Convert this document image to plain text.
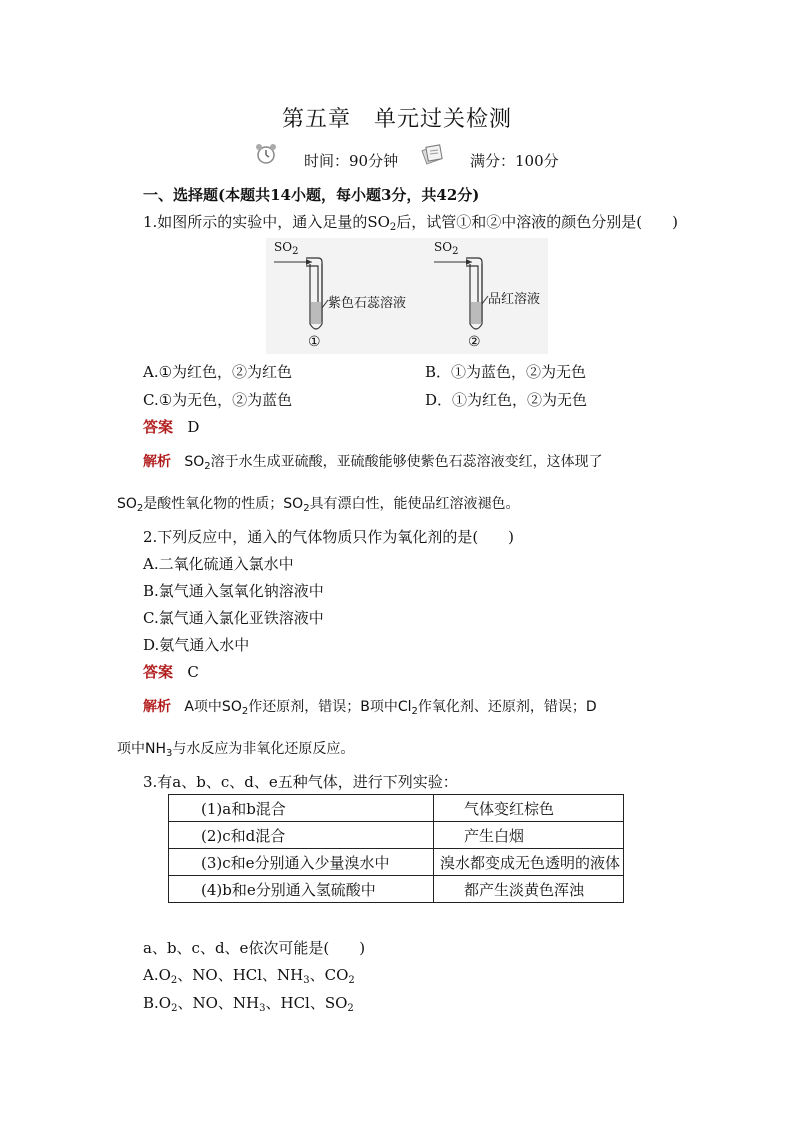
第五章　单元过关检测
时间：90分钟	满分：100分
一、选择题(本题共14小题，每小题3分，共42分)
1.如图所示的实验中，通入足量的$SO_2$后，试管①和②中溶液的颜色分别是(　　)
$SO_2$	$SO_2$
紫色石蕊溶液
①
品红溶液
②
A.①为红色，②为红色	B．①为蓝色，②为无色
C.①为无色，②为蓝色	D．①为红色，②为无色
答案 D
解析 $SO_2$溶于水生成亚硫酸，亚硫酸能够使紫色石蕊溶液变红，这体现了
$SO_2$是酸性氧化物的性质；$SO_2$具有漂白性，能使品红溶液褪色。
2.下列反应中，通入的气体物质只作为氧化剂的是(　　)
A.二氧化硫通入氯水中
B.氯气通入氢氧化钠溶液中
C.氯气通入氯化亚铁溶液中
D.氨气通入水中
答案 C
解析 A项中$SO_2$作还原剂，错误；B项中$Cl_2$作氧化剂、还原剂，错误；D
项中$NH_3$与水反应为非氧化还原反应。
3.有a、b、c、d、e五种气体，进行下列实验：
(1)a和b混合	气体变红棕色
(2)c和d混合	产生白烟
(3)c和e分别通入少量溴水中	溴水都变成无色透明的液体
(4)b和e分别通入氢硫酸中	都产生淡黄色浑浊
a、b、c、d、e依次可能是(　　)
$A.O_2$、NO、HCl、$NH_3$、$CO_2$
$B.O_2$、NO、$NH_3$、HCl、$SO_2$
